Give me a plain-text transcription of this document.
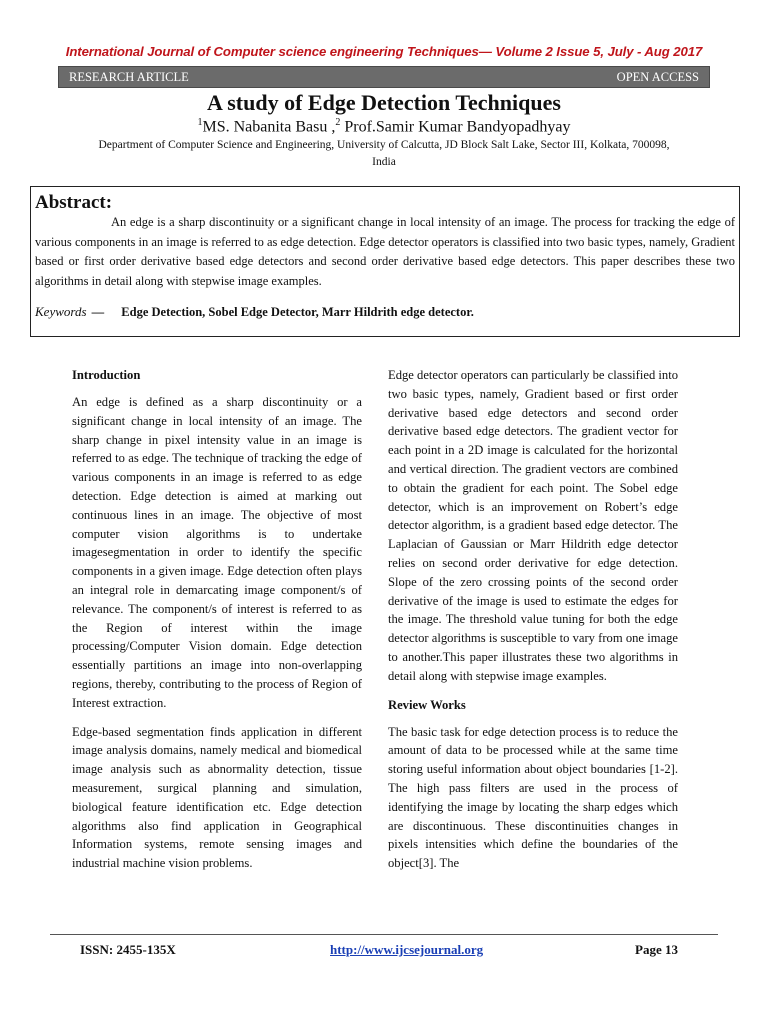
International Journal of Computer science engineering Techniques— Volume 2 Issue 5, July - Aug 2017
RESEARCH ARTICLE	OPEN ACCESS
A study of Edge Detection Techniques
$^1$MS. Nabanita Basu ,$^2$ Prof.Samir Kumar Bandyopadhyay
Department of Computer Science and Engineering, University of Calcutta, JD Block Salt Lake, Sector III, Kolkata, 700098, India
Abstract:
An edge is a sharp discontinuity or a significant change in local intensity of an image. The process for tracking the edge of various components in an image is referred to as edge detection. Edge detector operators is classified into two basic types, namely, Gradient based or first order derivative based edge detectors and second order derivative based edge detectors. This paper describes these two algorithms in detail along with stepwise image examples.
Keywords — Edge Detection, Sobel Edge Detector, Marr Hildrith edge detector.
Introduction

An edge is defined as a sharp discontinuity or a significant change in local intensity of an image. The sharp change in pixel intensity value in an image is referred to as edge. The technique of tracking the edge of various components in an image is referred to as edge detection. Edge detection is aimed at marking out continuous lines in an image. The objective of most computer vision algorithms is to undertake imagesegmentation in order to identify the specific components in a given image. Edge detection often plays an integral role in demarcating image component/s of relevance. The component/s of interest is referred to as the Region of interest within the image processing/Computer Vision domain. Edge detection essentially partitions an image into non-overlapping regions, thereby, contributing to the process of Region of Interest extraction.

Edge-based segmentation finds application in different image analysis domains, namely medical and biomedical image analysis such as abnormality detection, tissue measurement, surgical planning and simulation, biological feature identification etc. Edge detection algorithms also find application in Geographical Information systems, remote sensing images and industrial machine vision problems.

Edge detector operators can particularly be classified into two basic types, namely, Gradient based or first order derivative based edge detectors and second order derivative based edge detectors. The gradient vector for each point in a 2D image is calculated for the horizontal and vertical direction. The gradient vectors are combined to obtain the gradient for each point. The Sobel edge detector, which is an improvement on Robert’s edge detector algorithm, is a gradient based edge detector. The Laplacian of Gaussian or Marr Hildrith edge detector relies on second order derivative for edge detection. Slope of the zero crossing points of the second order derivative of the image is used to estimate the edges for the image. The threshold value tuning for both the edge detector algorithms is susceptible to vary from one image to another.This paper illustrates these two algorithms in detail along with stepwise image examples.

Review Works

The basic task for edge detection process is to reduce the amount of data to be processed while at the same time storing useful information about object boundaries [1-2]. The high pass filters are used in the process of identifying the image by locating the sharp edges which are discontinuous. These discontinuities changes in pixels intensities which define the boundaries of the object[3]. The

ISSN: 2455-135X	http://www.ijcsejournal.org	Page 13
